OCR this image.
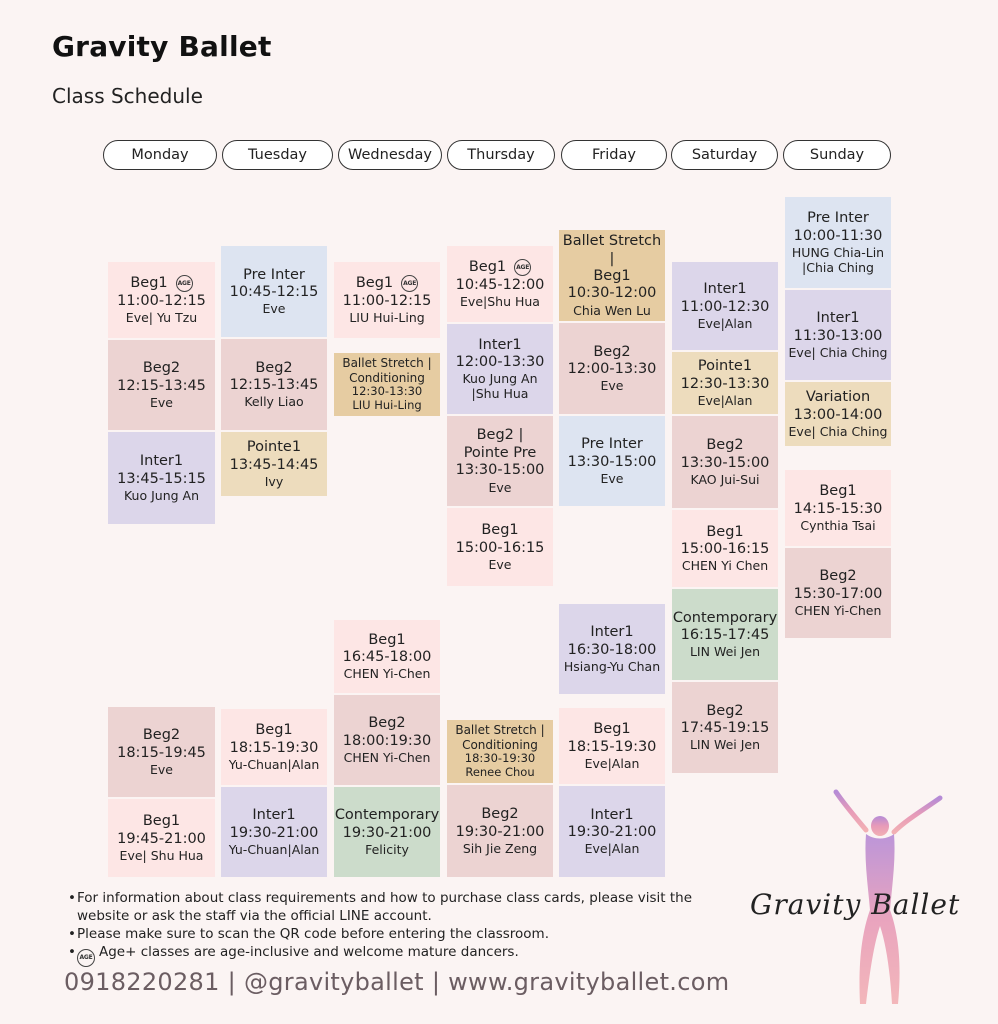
Gravity Ballet
Class Schedule
Monday	Tuesday	Wednesday	Thursday	Friday	Saturday	Sunday
Beg1	AGE
11:00-12:15
Eve| Yu Tzu
Beg2
12:15-13:45
Eve
Inter1
13:45-15:15
Kuo Jung An
Beg2
18:15-19:45
Eve
Beg1
19:45-21:00
Eve| Shu Hua
Pre Inter
10:45-12:15
Eve
Beg2
12:15-13:45
Kelly Liao
Pointe1
13:45-14:45
Ivy
Beg1
18:15-19:30
Yu-Chuan|Alan
Inter1
19:30-21:00
Yu-Chuan|Alan
Beg1	AGE
11:00-12:15
LIU Hui-Ling
Ballet Stretch |
Conditioning
12:30-13:30
LIU Hui-Ling
Beg1
16:45-18:00
CHEN Yi-Chen
Beg2
18:00:19:30
CHEN Yi-Chen
Contemporary
19:30-21:00
Felicity
Beg1	AGE
10:45-12:00
Eve|Shu Hua
Inter1
12:00-13:30
Kuo Jung An
|Shu Hua
Beg2 |
Pointe Pre
13:30-15:00
Eve
Beg1
15:00-16:15
Eve
Ballet Stretch |
Conditioning
18:30-19:30
Renee Chou
Beg2
19:30-21:00
Sih Jie Zeng
Ballet Stretch |
Beg1
10:30-12:00
Chia Wen Lu
Beg2
12:00-13:30
Eve
Pre Inter
13:30-15:00
Eve
Inter1
16:30-18:00
Hsiang-Yu Chan
Beg1
18:15-19:30
Eve|Alan
Inter1
19:30-21:00
Eve|Alan
Inter1
11:00-12:30
Eve|Alan
Pointe1
12:30-13:30
Eve|Alan
Beg2
13:30-15:00
KAO Jui-Sui
Beg1
15:00-16:15
CHEN Yi Chen
Contemporary
16:15-17:45
LIN Wei Jen
Beg2
17:45-19:15
LIN Wei Jen
Pre Inter
10:00-11:30
HUNG Chia-Lin
|Chia Ching
Inter1
11:30-13:00
Eve| Chia Ching
Variation
13:00-14:00
Eve| Chia Ching
Beg1
14:15-15:30
Cynthia Tsai
Beg2
15:30-17:00
CHEN Yi-Chen
• For information about class requirements and how to purchase class cards, please visit the website or ask the staff via the official LINE account.
• Please make sure to scan the QR code before entering the classroom.
• AGE Age+ classes are age-inclusive and welcome mature dancers.
0918220281 | @gravityballet | www.gravityballet.com
Gravity Ballet
